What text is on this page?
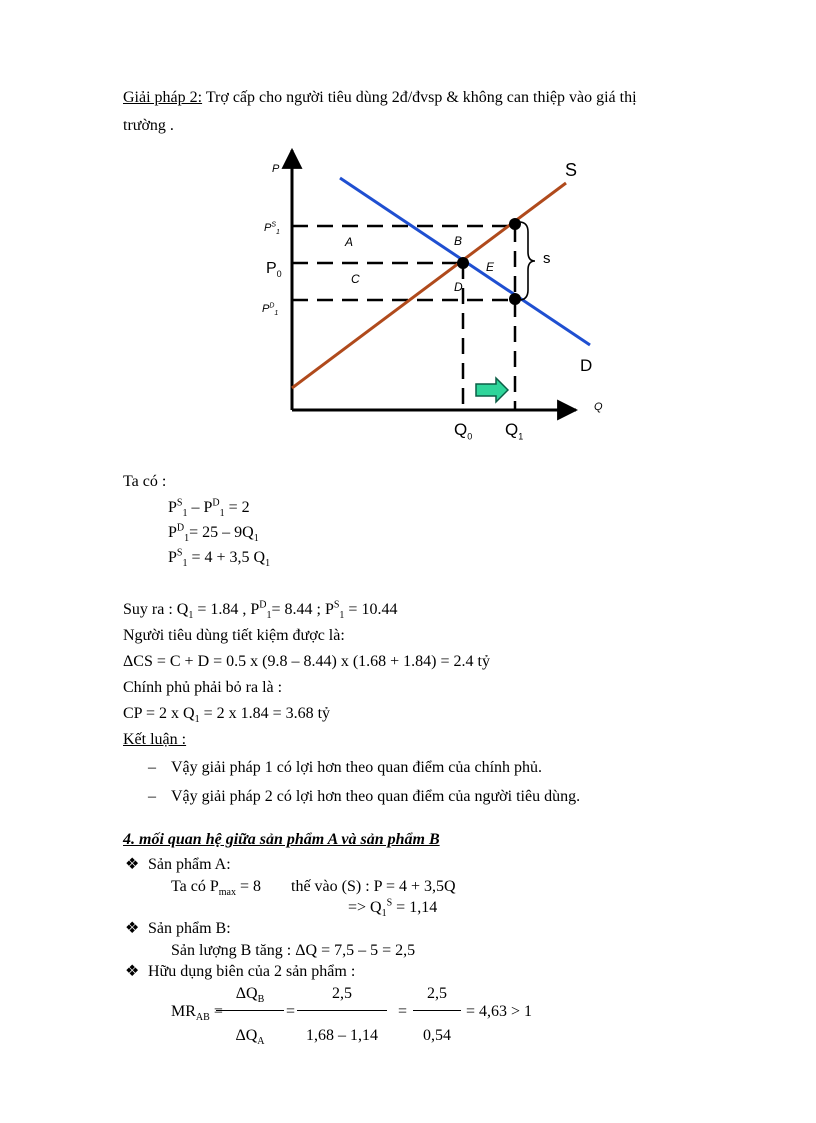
Giải pháp 2: Trợ cấp cho người tiêu dùng 2đ/đvsp & không can thiệp vào giá thị
trường .
P
Q
S
D
$P^S_1$
$P_0$
$P^D_1$
$Q_0$ $Q_1$
A	B
C
D
E	s
Ta có :
$P^S_1 - P^D_1 = 2$
$P^D_1= 25 - 9Q_1$
$P^S_1 = 4 + 3,5$ $Q_1$
Suy ra : $Q_1 = 1.84$ , $P^D_1= 8.44$ ; $P^S_1 = 10.44$
Người tiêu dùng tiết kiệm được là:
ΔCS = C + D = 0.5 x (9.8 – 8.44) x (1.68 + 1.84) = 2.4 tỷ
Chính phủ phải bỏ ra là :
CP = 2 x $Q_1 = 2$ x 1.84 = 3.68 tỷ
Kết luận :
– Vậy giải pháp 1 có lợi hơn theo quan điểm của chính phủ.
– Vậy giải pháp 2 có lợi hơn theo quan điểm của người tiêu dùng.
4. mối quan hệ giữa sản phẩm A và sản phẩm B
❖ Sản phẩm A:
Ta có $P_{max} = 8$ thế vào (S) : P = 4 + 3,5Q
=> $Q_1^S = 1,14$
❖ Sản phẩm B:
Sản lượng B tăng : ΔQ = 7,5 – 5 = 2,5
❖ Hữu dụng biên của 2 sản phẩm :
$MR_{AB}$ =
$\Delta Q_B$
$\Delta Q_A$
=
2,5
1,68 – 1,14
=
2,5
0,54
= 4,63 > 1
